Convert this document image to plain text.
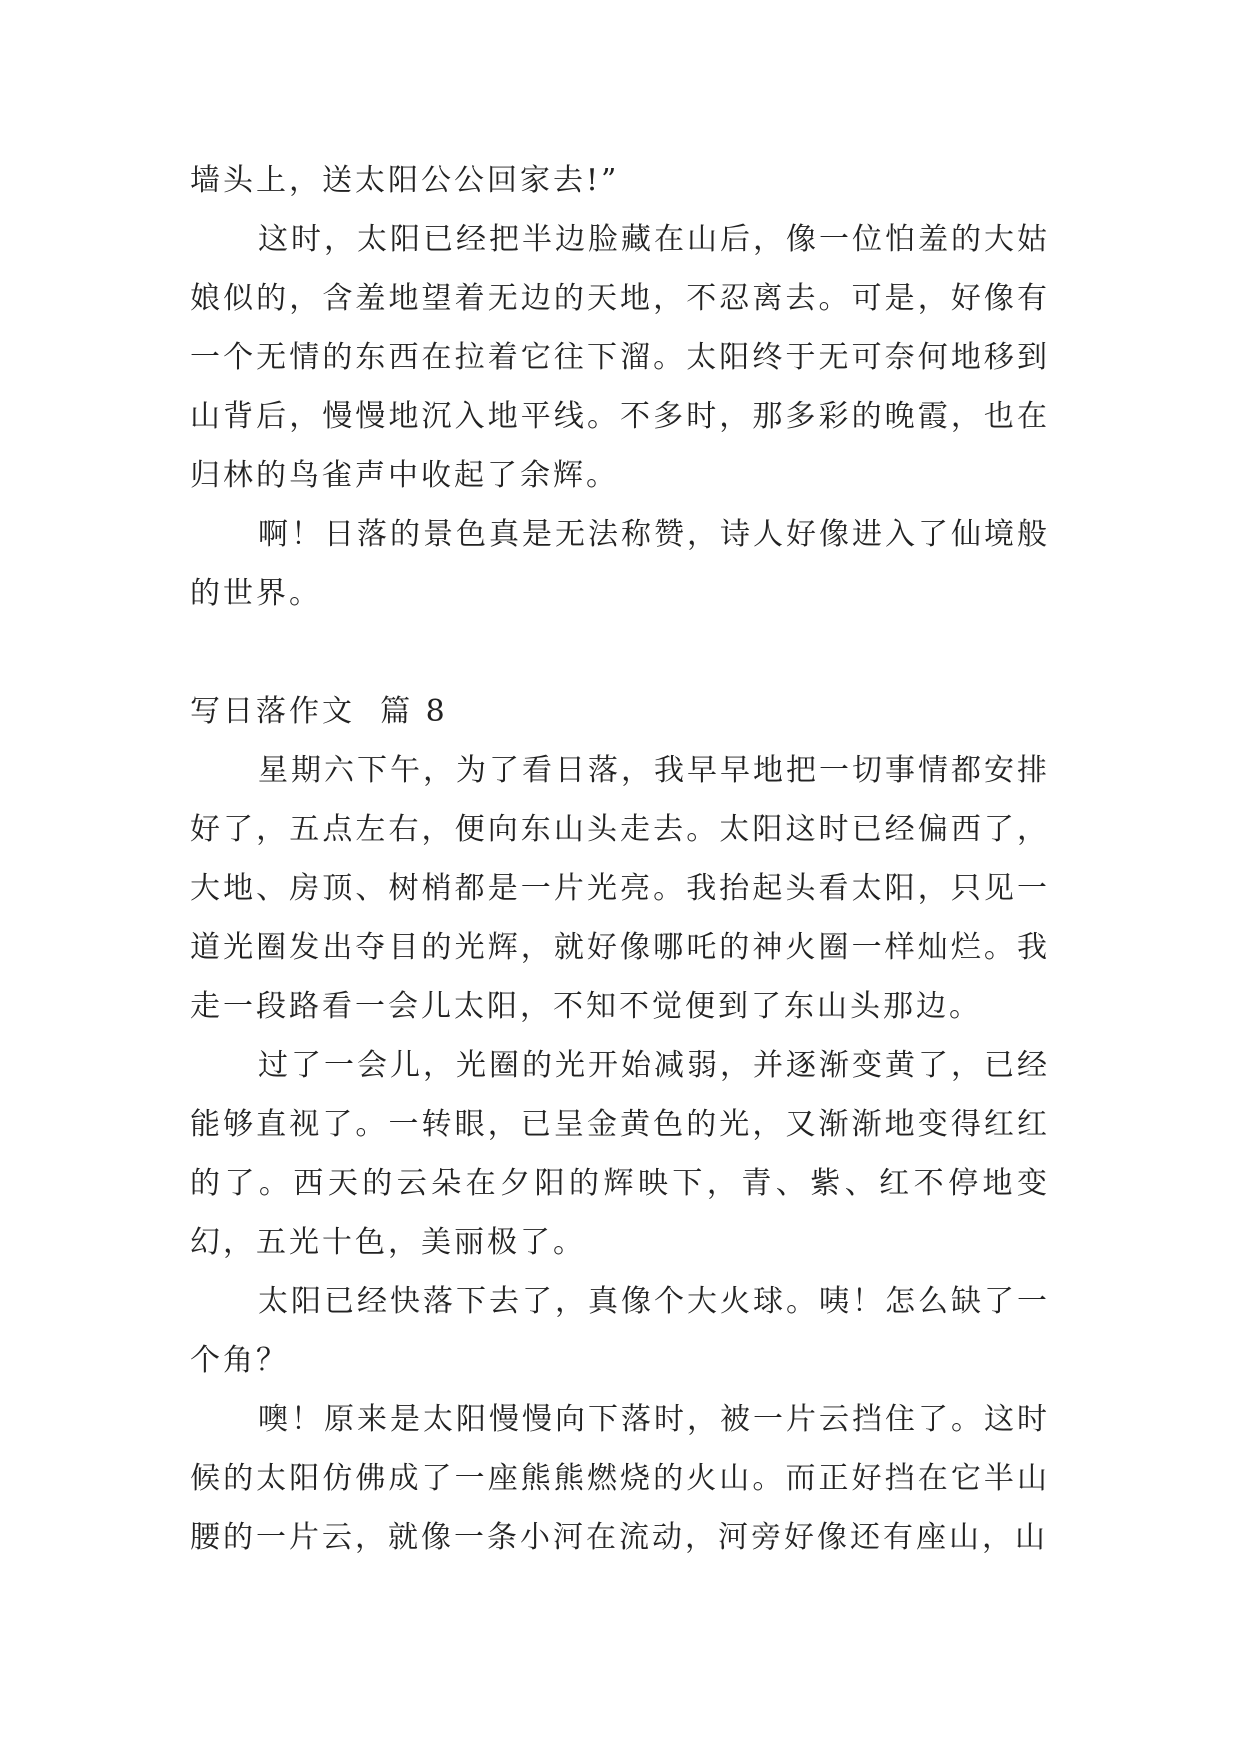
墙头上，送太阳公公回家去!”

这时，太阳已经把半边脸藏在山后，像一位怕羞的大姑娘似的，含羞地望着无边的天地，不忍离去。可是，好像有一个无情的东西在拉着它往下溜。太阳终于无可奈何地移到山背后，慢慢地沉入地平线。不多时，那多彩的晚霞，也在归林的鸟雀声中收起了余辉。

啊！日落的景色真是无法称赞，诗人好像进入了仙境般的世界。

写日落作文  篇 8

星期六下午，为了看日落，我早早地把一切事情都安排好了，五点左右，便向东山头走去。太阳这时已经偏西了，大地、房顶、树梢都是一片光亮。我抬起头看太阳，只见一道光圈发出夺目的光辉，就好像哪吒的神火圈一样灿烂。我走一段路看一会儿太阳，不知不觉便到了东山头那边。

过了一会儿，光圈的光开始减弱，并逐渐变黄了，已经能够直视了。一转眼，已呈金黄色的光，又渐渐地变得红红的了。西天的云朵在夕阳的辉映下，青、紫、红不停地变幻，五光十色，美丽极了。

太阳已经快落下去了，真像个大火球。咦！怎么缺了一个角？

噢！原来是太阳慢慢向下落时，被一片云挡住了。这时候的太阳仿佛成了一座熊熊燃烧的火山。而正好挡在它半山腰的一片云，就像一条小河在流动，河旁好像还有座山，山
